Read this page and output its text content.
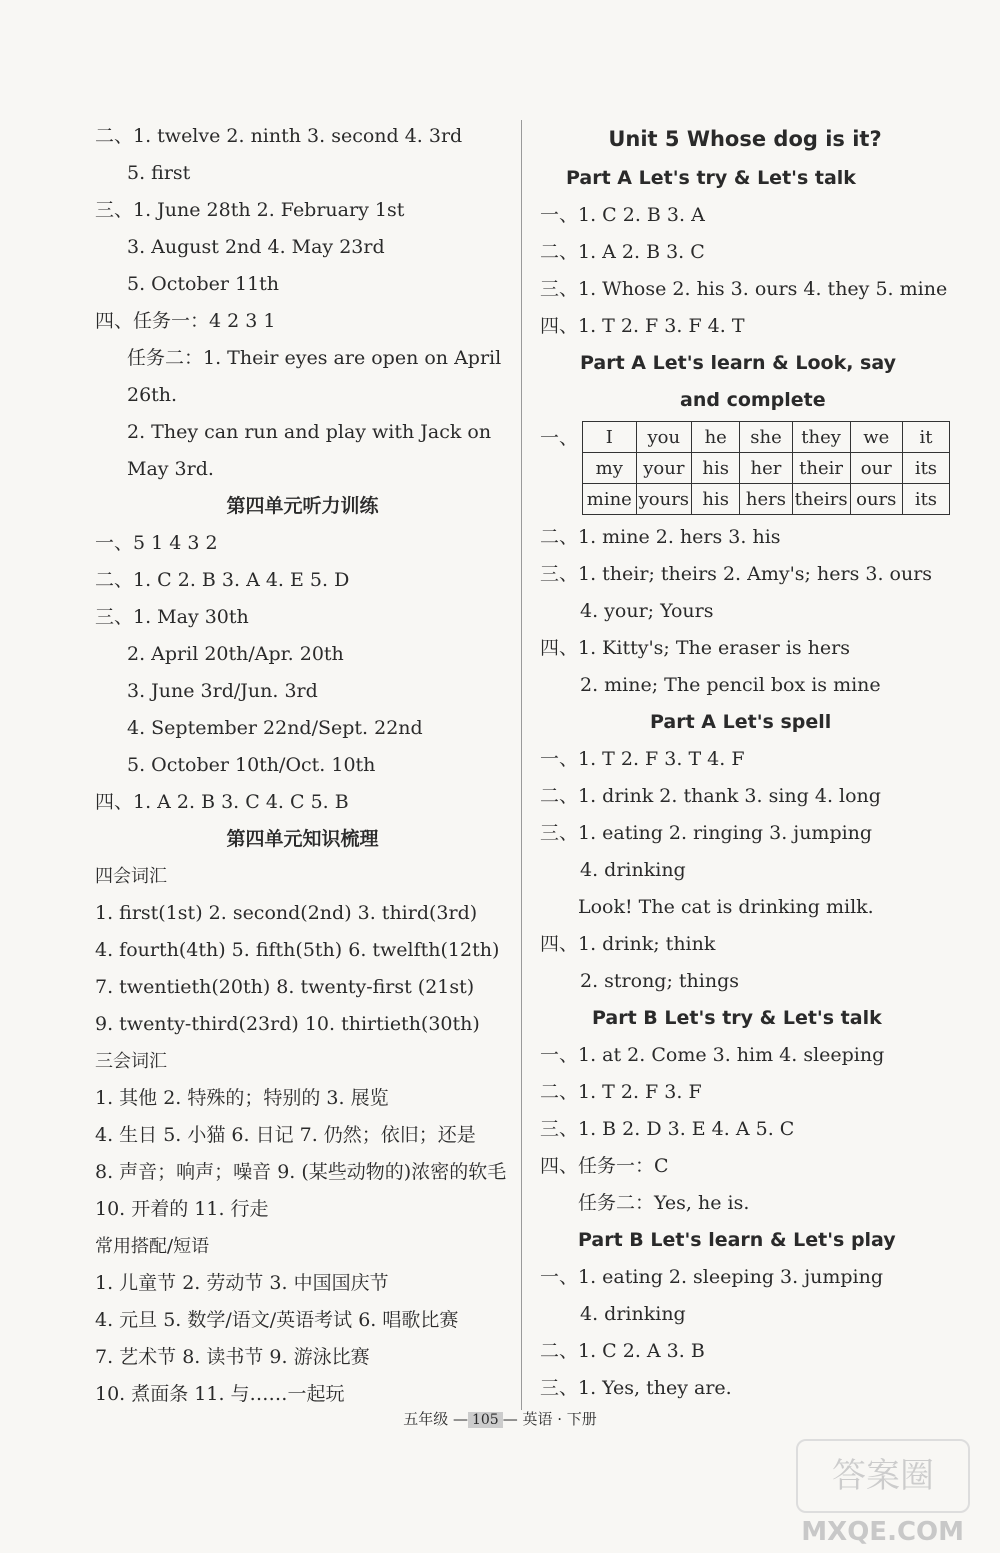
二、1. twelve 2. ninth 3. second 4. 3rd
5. first
三、1. June 28th 2. February 1st
3. August 2nd 4. May 23rd
5. October 11th
四、任务一：4 2 3 1
任务二：1. Their eyes are open on April
26th.
2. They can run and play with Jack on
May 3rd.
第四单元听力训练
一、5 1 4 3 2
二、1. C 2. B 3. A 4. E 5. D
三、1. May 30th
2. April 20th/Apr. 20th
3. June 3rd/Jun. 3rd
4. September 22nd/Sept. 22nd
5. October 10th/Oct. 10th
四、1. A 2. B 3. C 4. C 5. B
第四单元知识梳理
四会词汇
1. first(1st) 2. second(2nd) 3. third(3rd)
4. fourth(4th) 5. fifth(5th) 6. twelfth(12th)
7. twentieth(20th) 8. twenty-first (21st)
9. twenty-third(23rd) 10. thirtieth(30th)
三会词汇
1. 其他 2. 特殊的；特别的 3. 展览
4. 生日 5. 小猫 6. 日记 7. 仍然；依旧；还是
8. 声音；响声；噪音 9. (某些动物的)浓密的软毛
10. 开着的 11. 行走
常用搭配/短语
1. 儿童节 2. 劳动节 3. 中国国庆节
4. 元旦 5. 数学/语文/英语考试 6. 唱歌比赛
7. 艺术节 8. 读书节 9. 游泳比赛
10. 煮面条 11. 与……一起玩
Unit 5 Whose dog is it?
Part A Let's try & Let's talk
一、1. C 2. B 3. A
二、1. A 2. B 3. C
三、1. Whose 2. his 3. ours 4. they 5. mine
四、1. T 2. F 3. F 4. T
Part A Let's learn & Look, say
and complete
一、 I	you	he	she	they	we	it
my	your	his	her	their	our	its
mine	yours	his	hers	theirs	ours	its
二、1. mine 2. hers 3. his
三、1. their; theirs 2. Amy's; hers 3. ours
4. your; Yours
四、1. Kitty's; The eraser is hers
2. mine; The pencil box is mine
Part A Let's spell
一、1. T 2. F 3. T 4. F
二、1. drink 2. thank 3. sing 4. long
三、1. eating 2. ringing 3. jumping
4. drinking
Look! The cat is drinking milk.
四、1. drink; think
2. strong; things
Part B Let's try & Let's talk
一、1. at 2. Come 3. him 4. sleeping
二、1. T 2. F 3. F
三、1. B 2. D 3. E 4. A 5. C
四、任务一：C
任务二：Yes, he is.
Part B Let's learn & Let's play
一、1. eating 2. sleeping 3. jumping
4. drinking
二、1. C 2. A 3. B
三、1. Yes, they are.
五年级 — 105 — 英语 · 下册
答案圈
MXQE.COM
